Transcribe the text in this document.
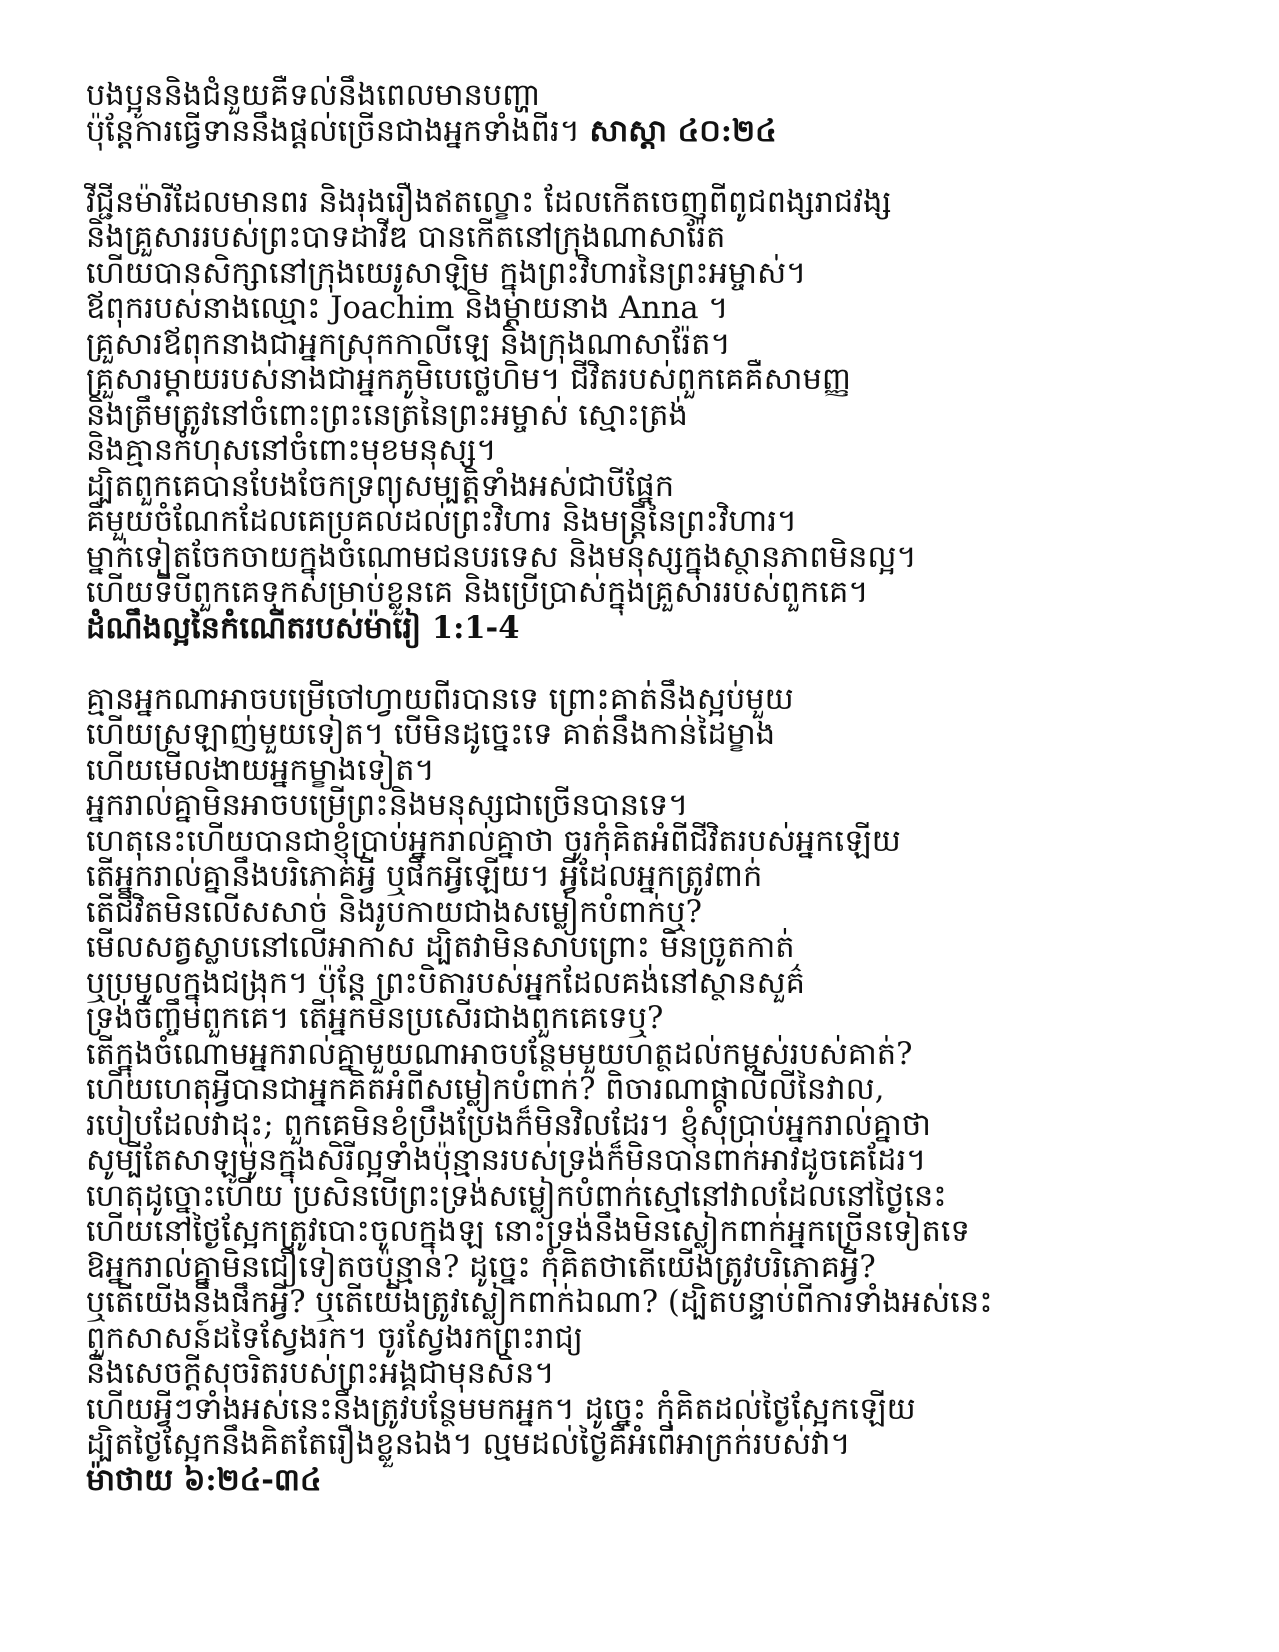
បងប្អូននិងជំនួយគឺទល់នឹងពេលមានបញ្ហា
ប៉ុន្តែការធ្វើទាននឹងផ្តល់ច្រើនជាងអ្នកទាំងពីរ។ សាស្ដា ៤០:២៤
វីជ្ជីនម៉ារីដែលមានពរ និងរុងរឿងឥតល្ខោះ ដែលកើតចេញពីពូជពង្សរាជវង្ស
និងគ្រួសាររបស់ព្រះបាទដាវីឌ បានកើតនៅក្រុងណាសារ៉ែត
ហើយបានសិក្សានៅក្រុងយេរូសាឡិម ក្នុងព្រះវិហារនៃព្រះអម្ចាស់។
ឪពុករបស់នាងឈ្មោះ Joachim និងម្ដាយនាង Anna ។
គ្រួសារឪពុកនាងជាអ្នកស្រុកកាលីឡេ និងក្រុងណាសារ៉ែត។
គ្រួសារម្ដាយរបស់នាងជាអ្នកភូមិបេថ្លេហិម។ ជីវិតរបស់ពួកគេគឺសាមញ្ញ
និងត្រឹមត្រូវនៅចំពោះព្រះនេត្រនៃព្រះអម្ចាស់ ស្មោះត្រង់
និងគ្មានកំហុសនៅចំពោះមុខមនុស្ស។
ដ្បិតពួកគេបានបែងចែកទ្រព្យសម្បត្តិទាំងអស់ជាបីផ្នែក
គឺមួយចំណែកដែលគេប្រគល់ដល់ព្រះវិហារ និងមន្ត្រីនៃព្រះវិហារ។
ម្នាក់ទៀតចែកចាយក្នុងចំណោមជនបរទេស និងមនុស្សក្នុងស្ថានភាពមិនល្អ។
ហើយទីបីពួកគេទុកសម្រាប់ខ្លួនគេ និងប្រើប្រាស់ក្នុងគ្រួសាររបស់ពួកគេ។
ដំណឹងល្អនៃកំណើតរបស់ម៉ារៀ 1:1-4
គ្មានអ្នកណាអាចបម្រើចៅហ្វាយពីរបានទេ ព្រោះគាត់នឹងស្អប់មួយ
ហើយស្រឡាញ់មួយទៀត។ បើមិនដូច្នេះទេ គាត់នឹងកាន់ដៃម្ខាង
ហើយមើលងាយអ្នកម្ខាងទៀត។
អ្នករាល់គ្នាមិនអាចបម្រើព្រះនិងមនុស្សជាច្រើនបានទេ។
ហេតុនេះហើយបានជាខ្ញុំប្រាប់អ្នករាល់គ្នាថា ចូរកុំគិតអំពីជីវិតរបស់អ្នកឡើយ
តើអ្នករាល់គ្នានឹងបរិភោគអ្វី ឬផឹកអ្វីឡើយ។ អ្វីដែលអ្នកត្រូវពាក់
តើជីវិតមិនលើសសាច់ និងរូបកាយជាងសម្លៀកបំពាក់ឬ?
មើលសត្វស្លាបនៅលើអាកាស ដ្បិតវាមិនសាបព្រោះ មិនច្រូតកាត់
ឬប្រមូលក្នុងជង្រុក។ ប៉ុន្តែ ព្រះបិតារបស់អ្នកដែលគង់នៅស្ថានសួគ៌
ទ្រង់ចិញ្ចឹមពួកគេ។ តើអ្នកមិនប្រសើរជាងពួកគេទេឬ?
តើក្នុងចំណោមអ្នករាល់គ្នាមួយណាអាចបន្ថែមមួយហត្ថដល់កម្ពស់របស់គាត់?
ហើយហេតុអ្វីបានជាអ្នកគិតអំពីសម្លៀកបំពាក់? ពិចារណាផ្កាលីលីនៃវាល,
របៀបដែលវាដុះ; ពួកគេមិនខំប្រឹងប្រែងក៏មិនវិលដែរ។ ខ្ញុំសុំប្រាប់អ្នករាល់គ្នាថា
សូម្បីតែសាឡូម៉ូនក្នុងសិរីល្អទាំងប៉ុន្មានរបស់ទ្រង់ក៏មិនបានពាក់អាវដូចគេដែរ។
ហេតុដូច្នោះហើយ ប្រសិនបើព្រះទ្រង់សម្លៀកបំពាក់ស្មៅនៅវាលដែលនៅថ្ងៃនេះ
ហើយនៅថ្ងៃស្អែកត្រូវបោះចូលក្នុងឡ នោះទ្រង់នឹងមិនស្លៀកពាក់អ្នកច្រើនទៀតទេ
ឱអ្នករាល់គ្នាមិនជឿទៀតចប៉ុន្មាន? ដូច្នេះ កុំគិតថាតើយើងត្រូវបរិភោគអ្វី?
ឬតើយើងនឹងផឹកអ្វី? ឬតើយើងត្រូវស្លៀកពាក់ឯណា? (ដ្បិតបន្ទាប់ពីការទាំងអស់នេះ
ពួកសាសន៍ដទៃស្វែងរក។ ចូរស្វែងរកព្រះរាជ្យ
និងសេចក្ដីសុចរិតរបស់ព្រះអង្គជាមុនសិន។
ហើយអ្វីៗទាំងអស់នេះនឹងត្រូវបន្ថែមមកអ្នក។ ដូច្នេះ កុំគិតដល់ថ្ងៃស្អែកឡើយ
ដ្បិតថ្ងៃស្អែកនឹងគិតតែរឿងខ្លួនឯង។ ល្មមដល់ថ្ងៃគឺអំពើអាក្រក់របស់វា។
ម៉ាថាយ ៦:២៤-៣៤
